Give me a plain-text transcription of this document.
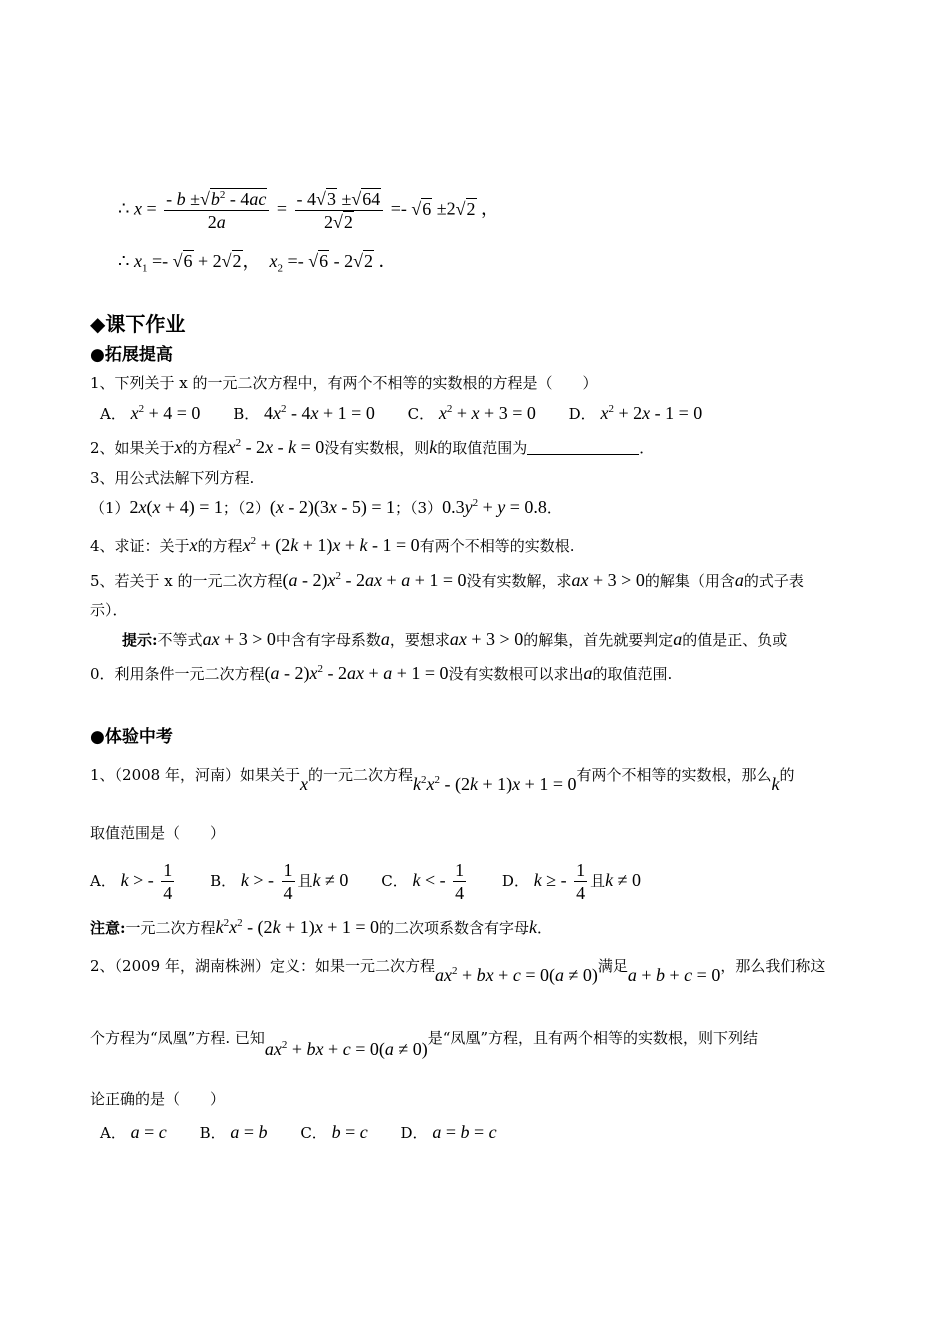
∴ $x = \frac{- b \pm√b^2 - 4ac}{2a} = \frac{- 4√3 \pm√64}{2√2} =- √6 \pm 2√2$ ，
∴ $x_1 =- √6 + 2√2$， $x_2 =- √6 - 2√2$ ．
◆课下作业
●拓展提高
1、下列关于 x 的一元二次方程中，有两个不相等的实数根的方程是（　　）
A． $x^2 + 4 = 0$ B． $4x^2 - 4x + 1 = 0$ C． $x^2 + x + 3 = 0$ D． $x^2 + 2x - 1 = 0$
2、如果关于x的方程$x^2 - 2x - k = 0$没有实数根，则k的取值范围为	．
3、用公式法解下列方程.
（1）2x(x + 4) = 1；（2）(x - 2)(3x - 5) = 1；$(3)0.3y^2 + y = 0.8$．
4、求证：关于x的方程$x^2 + (2k + 1)x + k - 1 = 0$有两个不相等的实数根.
5、若关于 x 的一元二次方程$(a - 2)x^2 - 2ax + a + 1 = 0$没有实数解，求ax + 3 > 0的解集（用含a的式子表
示）．
提示:不等式ax + 3 > 0中含有字母系数a，要想求ax + 3 > 0的解集，首先就要判定a的值是正、负或
0．利用条件一元二次方程$(a - 2)x^2 - 2ax + a + 1 = 0$没有实数根可以求出a的取值范围.
●体验中考
1、（2008 年，河南）如果关于x的一元二次方程$k^2x^2 - (2k + 1)x + 1 = 0$有两个不相等的实数根，那么k的
取值范围是（　　）
A． k > - $\frac{1}{4}$ B． k > - $\frac{1}{4}$ 且k ≠ 0 C． k < - $\frac{1}{4}$ D． k ≥ - $\frac{1}{4}$ 且k ≠ 0
注意:一元二次方程$k^2x^2 - (2k + 1)x + 1 = 0$的二次项系数含有字母k．
2、（2009 年，湖南株洲）定义：如果一元二次方程$ax^2$ + bx + c = 0(a ≠ 0)满足a + b + c = 0，那么我们称这
个方程为“凤凰”方程. 已知$ax^2$ + bx + c = 0(a ≠ 0)是“凤凰”方程，且有两个相等的实数根，则下列结
论正确的是（　　）
A． a = c B． a = b C． b = c D． a = b = c
